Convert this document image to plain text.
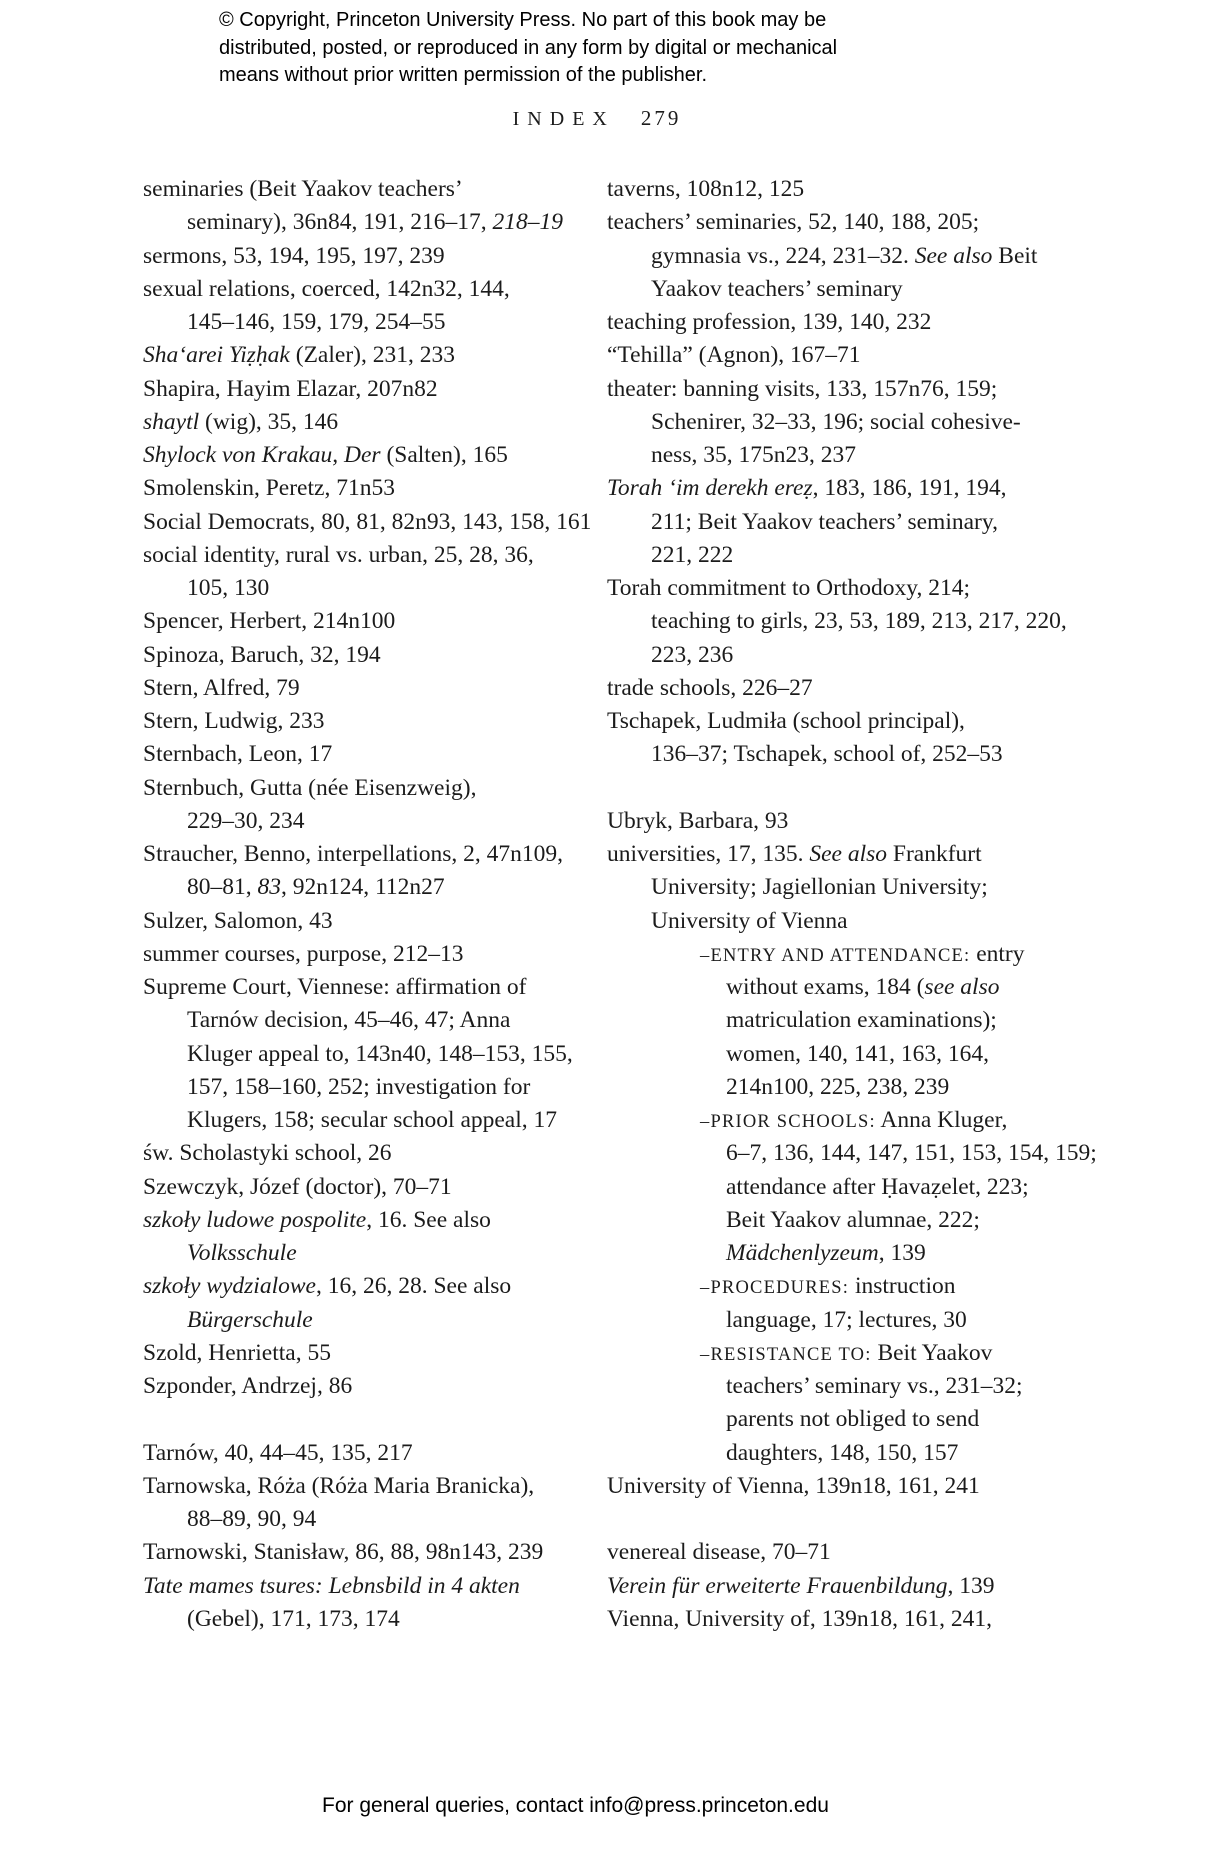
© Copyright, Princeton University Press. No part of this book may be
distributed, posted, or reproduced in any form by digital or mechanical
means without prior written permission of the publisher.
INDEX 279
seminaries (Beit Yaakov teachers’
seminary), 36n84, 191, 216–17, 218–19
sermons, 53, 194, 195, 197, 239
sexual relations, coerced, 142n32, 144,
145–146, 159, 179, 254–55
Sha‘arei Yiẓḥak (Zaler), 231, 233
Shapira, Hayim Elazar, 207n82
shaytl (wig), 35, 146
Shylock von Krakau, Der (Salten), 165
Smolenskin, Peretz, 71n53
Social Democrats, 80, 81, 82n93, 143, 158, 161
social identity, rural vs. urban, 25, 28, 36,
105, 130
Spencer, Herbert, 214n100
Spinoza, Baruch, 32, 194
Stern, Alfred, 79
Stern, Ludwig, 233
Sternbach, Leon, 17
Sternbuch, Gutta (née Eisenzweig),
229–30, 234
Straucher, Benno, interpellations, 2, 47n109,
80–81, 83, 92n124, 112n27
Sulzer, Salomon, 43
summer courses, purpose, 212–13
Supreme Court, Viennese: affirmation of
Tarnów decision, 45–46, 47; Anna
Kluger appeal to, 143n40, 148–153, 155,
157, 158–160, 252; investigation for
Klugers, 158; secular school appeal, 17
św. Scholastyki school, 26
Szewczyk, Józef (doctor), 70–71
szkoły ludowe pospolite, 16. See also
Volksschule
szkoły wydzialowe, 16, 26, 28. See also
Bürgerschule
Szold, Henrietta, 55
Szponder, Andrzej, 86
Tarnów, 40, 44–45, 135, 217
Tarnowska, Róża (Róża Maria Branicka),
88–89, 90, 94
Tarnowski, Stanisław, 86, 88, 98n143, 239
Tate mames tsures: Lebnsbild in 4 akten
(Gebel), 171, 173, 174
taverns, 108n12, 125
teachers’ seminaries, 52, 140, 188, 205;
gymnasia vs., 224, 231–32. See also Beit
Yaakov teachers’ seminary
teaching profession, 139, 140, 232
“Tehilla” (Agnon), 167–71
theater: banning visits, 133, 157n76, 159;
Schenirer, 32–33, 196; social cohesive-
ness, 35, 175n23, 237
Torah ‘im derekh ereẓ, 183, 186, 191, 194,
211; Beit Yaakov teachers’ seminary,
221, 222
Torah commitment to Orthodoxy, 214;
teaching to girls, 23, 53, 189, 213, 217, 220,
223, 236
trade schools, 226–27
Tschapek, Ludmiła (school principal),
136–37; Tschapek, school of, 252–53
Ubryk, Barbara, 93
universities, 17, 135. See also Frankfurt
University; Jagiellonian University;
University of Vienna
–ENTRY AND ATTENDANCE: entry
without exams, 184 (see also
matriculation examinations);
women, 140, 141, 163, 164,
214n100, 225, 238, 239
–PRIOR SCHOOLS: Anna Kluger,
6–7, 136, 144, 147, 151, 153, 154, 159;
attendance after Ḥavaẓelet, 223;
Beit Yaakov alumnae, 222;
Mädchenlyzeum, 139
–PROCEDURES: instruction
language, 17; lectures, 30
–RESISTANCE TO: Beit Yaakov
teachers’ seminary vs., 231–32;
parents not obliged to send
daughters, 148, 150, 157
University of Vienna, 139n18, 161, 241
venereal disease, 70–71
Verein für erweiterte Frauenbildung, 139
Vienna, University of, 139n18, 161, 241,
For general queries, contact info@press.princeton.edu
